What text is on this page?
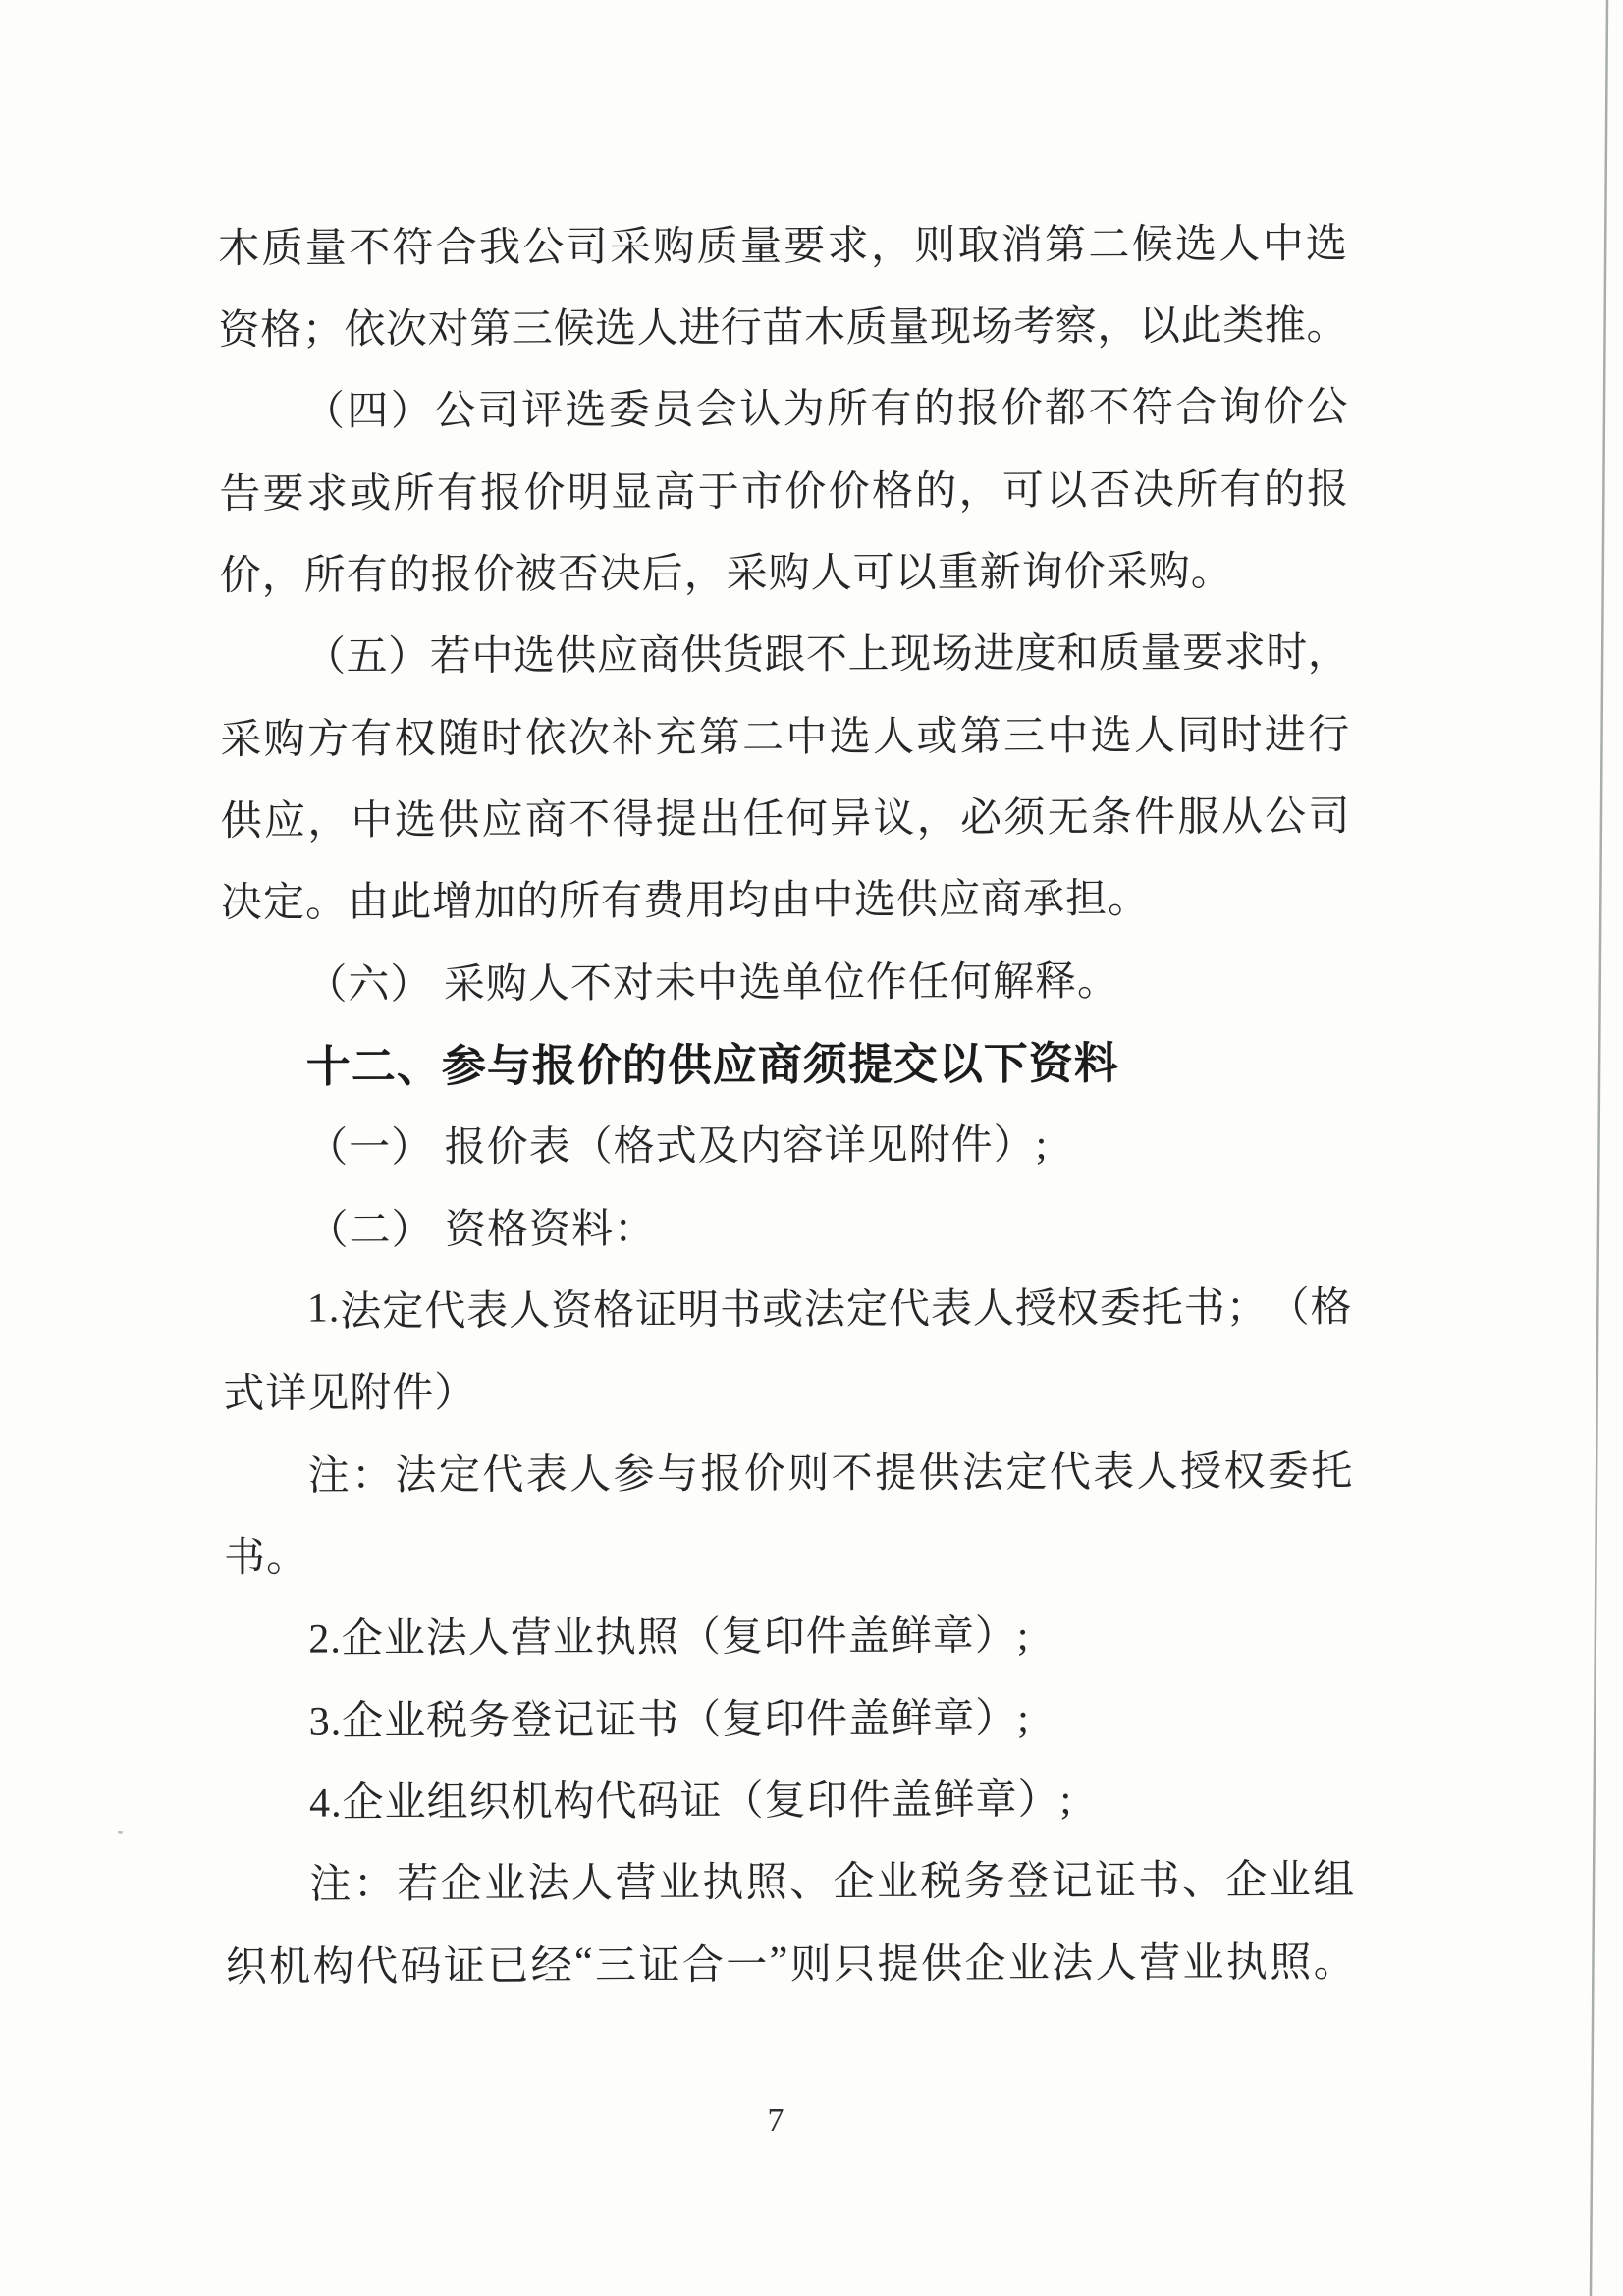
木 质 量 不 符 合 我 公 司 采 购 质 量 要 求 ， 则 取 消 第 二 候 选 人 中 选
资 格 ； 依 次 对 第 三 候 选 人 进 行 苗 木 质 量 现 场 考 察 ， 以 此 类 推 。
（ 四 ） 公 司 评 选 委 员 会 认 为 所 有 的 报 价 都 不 符 合 询 价 公
告 要 求 或 所 有 报 价 明 显 高 于 市 价 价 格 的 ， 可 以 否 决 所 有 的 报
价，所有的报价被否决后，采购人可以重新询价采购。
（ 五 ） 若 中 选 供 应 商 供 货 跟 不 上 现 场 进 度 和 质 量 要 求 时 ，
采 购 方 有 权 随 时 依 次 补 充 第 二 中 选 人 或 第 三 中 选 人 同 时 进 行
供 应 ， 中 选 供 应 商 不 得 提 出 任 何 异 议 ， 必 须 无 条 件 服 从 公 司
决定。由此增加的所有费用均由中选供应商承担。
（六） 采购人不对未中选单位作任何解释。
十二、参与报价的供应商须提交以下资料
（一） 报价表（格式及内容详见附件）;
（二） 资格资料：
1 . 法 定 代 表 人 资 格 证 明 书 或 法 定 代 表 人 授 权 委 托 书 ； （ 格
式详见附件）
注 ： 法 定 代 表 人 参 与 报 价 则 不 提 供 法 定 代 表 人 授 权 委 托
书。
2.企业法人营业执照（复印件盖鲜章）;
3.企业税务登记证书（复印件盖鲜章）;
4.企业组织机构代码证（复印件盖鲜章）;
注 ： 若 企 业 法 人 营 业 执 照 、 企 业 税 务 登 记 证 书 、 企 业 组
织 机 构 代 码 证 已 经 “ 三 证 合 一 ” 则 只 提 供 企 业 法 人 营 业 执 照 。
7
